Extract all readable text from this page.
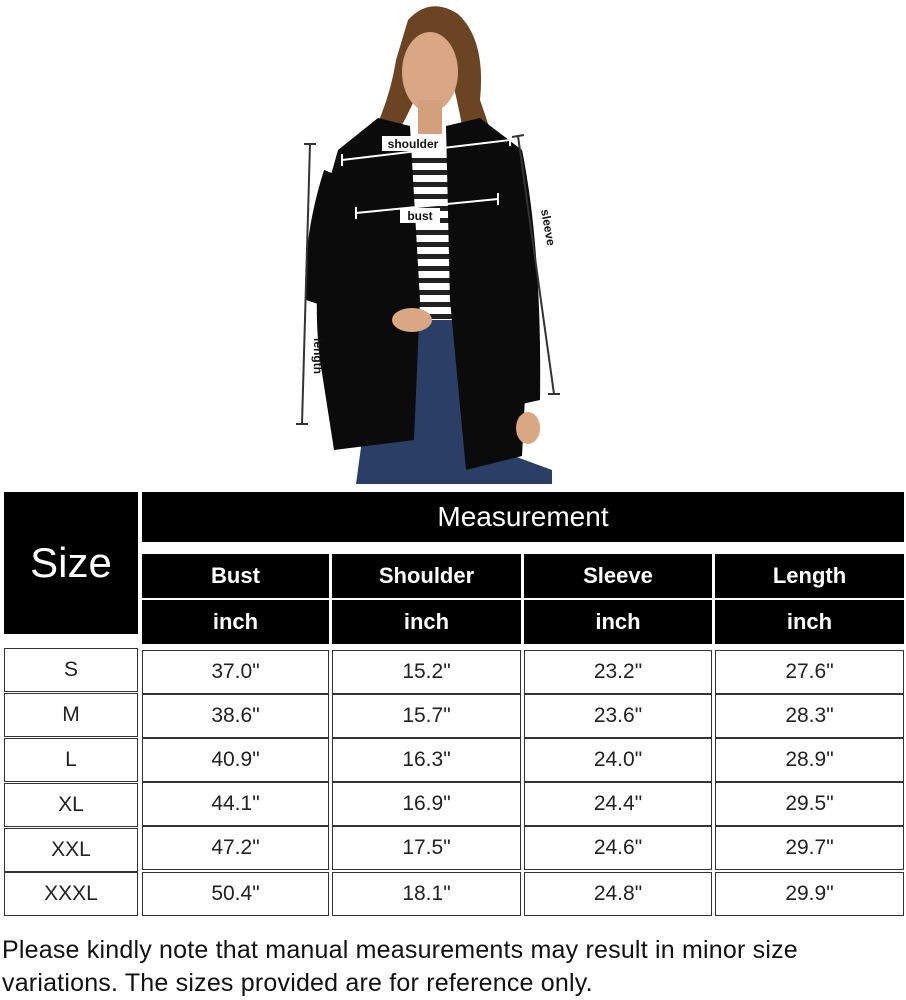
shoulder
bust	sleeve
length
Size
Measurement
Bust	Shoulder	Sleeve	Length
inch	inch	inch	inch
S	37.0"	15.2"	23.2"	27.6"
M	38.6"	15.7"	23.6"	28.3"
L	40.9"	16.3"	24.0"	28.9"
XL	44.1"	16.9"	24.4"	29.5"
XXL	47.2"	17.5"	24.6"	29.7"
XXXL	50.4"	18.1"	24.8"	29.9"
Please kindly note that manual measurements may result in minor size variations. The sizes provided are for reference only.
